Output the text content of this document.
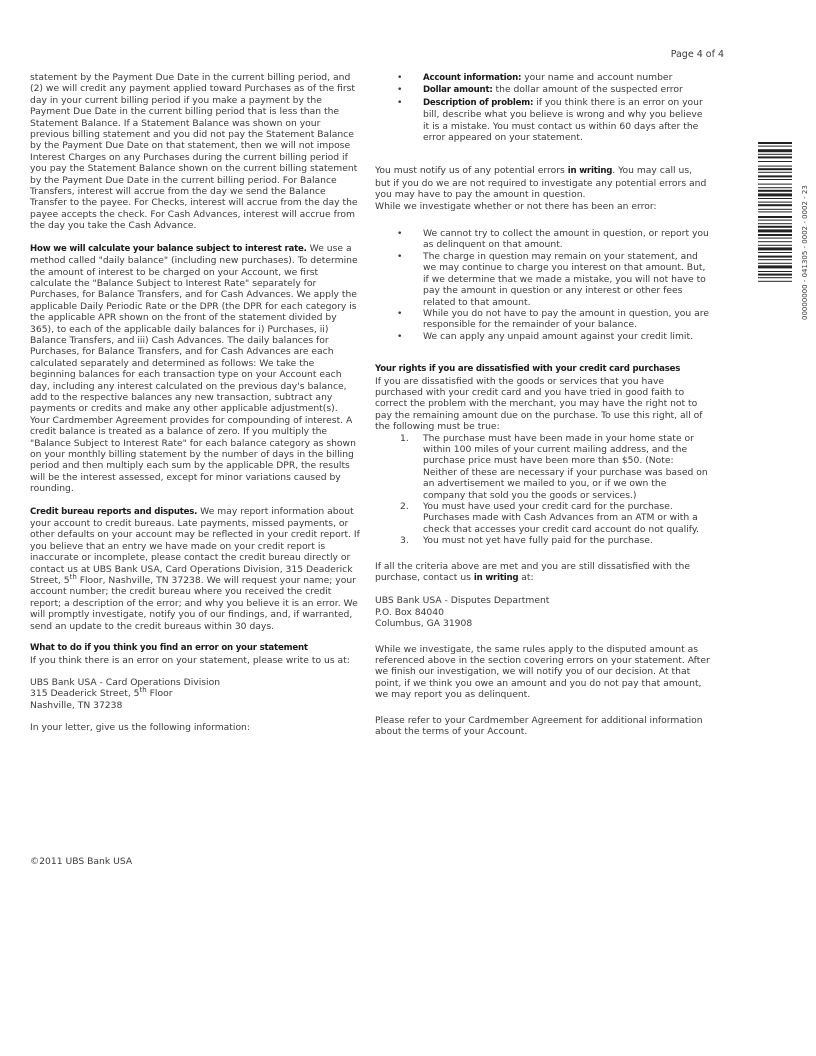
Page 4 of 4

statement by the Payment Due Date in the current billing period, and (2) we will credit any payment applied toward Purchases as of the first day in your current billing period if you make a payment by the Payment Due Date in the current billing period that is less than the Statement Balance. If a Statement Balance was shown on your previous billing statement and you did not pay the Statement Balance by the Payment Due Date on that statement, then we will not impose Interest Charges on any Purchases during the current billing period if you pay the Statement Balance shown on the current billing statement by the Payment Due Date in the current billing period. For Balance Transfers, interest will accrue from the day we send the Balance Transfer to the payee. For Checks, interest will accrue from the day the payee accepts the check. For Cash Advances, interest will accrue from the day you take the Cash Advance.

How we will calculate your balance subject to interest rate. We use a method called "daily balance" (including new purchases). To determine the amount of interest to be charged on your Account, we first calculate the "Balance Subject to Interest Rate" separately for Purchases, for Balance Transfers, and for Cash Advances. We apply the applicable Daily Periodic Rate or the DPR (the DPR for each category is the applicable APR shown on the front of the statement divided by 365), to each of the applicable daily balances for i) Purchases, ii) Balance Transfers, and iii) Cash Advances. The daily balances for Purchases, for Balance Transfers, and for Cash Advances are each calculated separately and determined as follows: We take the beginning balances for each transaction type on your Account each day, including any interest calculated on the previous day's balance, add to the respective balances any new transaction, subtract any payments or credits and make any other applicable adjustment(s). Your Cardmember Agreement provides for compounding of interest. A credit balance is treated as a balance of zero. If you multiply the "Balance Subject to Interest Rate" for each balance category as shown on your monthly billing statement by the number of days in the billing period and then multiply each sum by the applicable DPR, the results will be the interest assessed, except for minor variations caused by rounding.

Credit bureau reports and disputes. We may report information about your account to credit bureaus. Late payments, missed payments, or other defaults on your account may be reflected in your credit report. If you believe that an entry we have made on your credit report is inaccurate or incomplete, please contact the credit bureau directly or contact us at UBS Bank USA, Card Operations Division, 315 Deaderick Street, 5th Floor, Nashville, TN 37238. We will request your name; your account number; the credit bureau where you received the credit report; a description of the error; and why you believe it is an error. We will promptly investigate, notify you of our findings, and, if warranted, send an update to the credit bureaus within 30 days.

What to do if you think you find an error on your statement
If you think there is an error on your statement, please write to us at:

UBS Bank USA - Card Operations Division
315 Deaderick Street, 5th Floor
Nashville, TN 37238

In your letter, give us the following information:

• Account information: your name and account number
• Dollar amount: the dollar amount of the suspected error
• Description of problem: if you think there is an error on your bill, describe what you believe is wrong and why you believe it is a mistake. You must contact us within 60 days after the error appeared on your statement.

You must notify us of any potential errors in writing. You may call us, but if you do we are not required to investigate any potential errors and you may have to pay the amount in question.

While we investigate whether or not there has been an error:

• We cannot try to collect the amount in question, or report you as delinquent on that amount.
• The charge in question may remain on your statement, and we may continue to charge you interest on that amount. But, if we determine that we made a mistake, you will not have to pay the amount in question or any interest or other fees related to that amount.
• While you do not have to pay the amount in question, you are responsible for the remainder of your balance.
• We can apply any unpaid amount against your credit limit.

Your rights if you are dissatisfied with your credit card purchases
If you are dissatisfied with the goods or services that you have purchased with your credit card and you have tried in good faith to correct the problem with the merchant, you may have the right not to pay the remaining amount due on the purchase. To use this right, all of the following must be true:

1. The purchase must have been made in your home state or within 100 miles of your current mailing address, and the purchase price must have been more than $50. (Note: Neither of these are necessary if your purchase was based on an advertisement we mailed to you, or if we own the company that sold you the goods or services.)
2. You must have used your credit card for the purchase. Purchases made with Cash Advances from an ATM or with a check that accesses your credit card account do not qualify.
3. You must not yet have fully paid for the purchase.

If all the criteria above are met and you are still dissatisfied with the purchase, contact us in writing at:

UBS Bank USA - Disputes Department
P.O. Box 84040
Columbus, GA 31908

While we investigate, the same rules apply to the disputed amount as referenced above in the section covering errors on your statement. After we finish our investigation, we will notify you of our decision. At that point, if we think you owe an amount and you do not pay that amount, we may report you as delinquent.

Please refer to your Cardmember Agreement for additional information about the terms of your Account.

©2011 UBS Bank USA
00000000 - 041305 - 0002 - 0002 - 23
